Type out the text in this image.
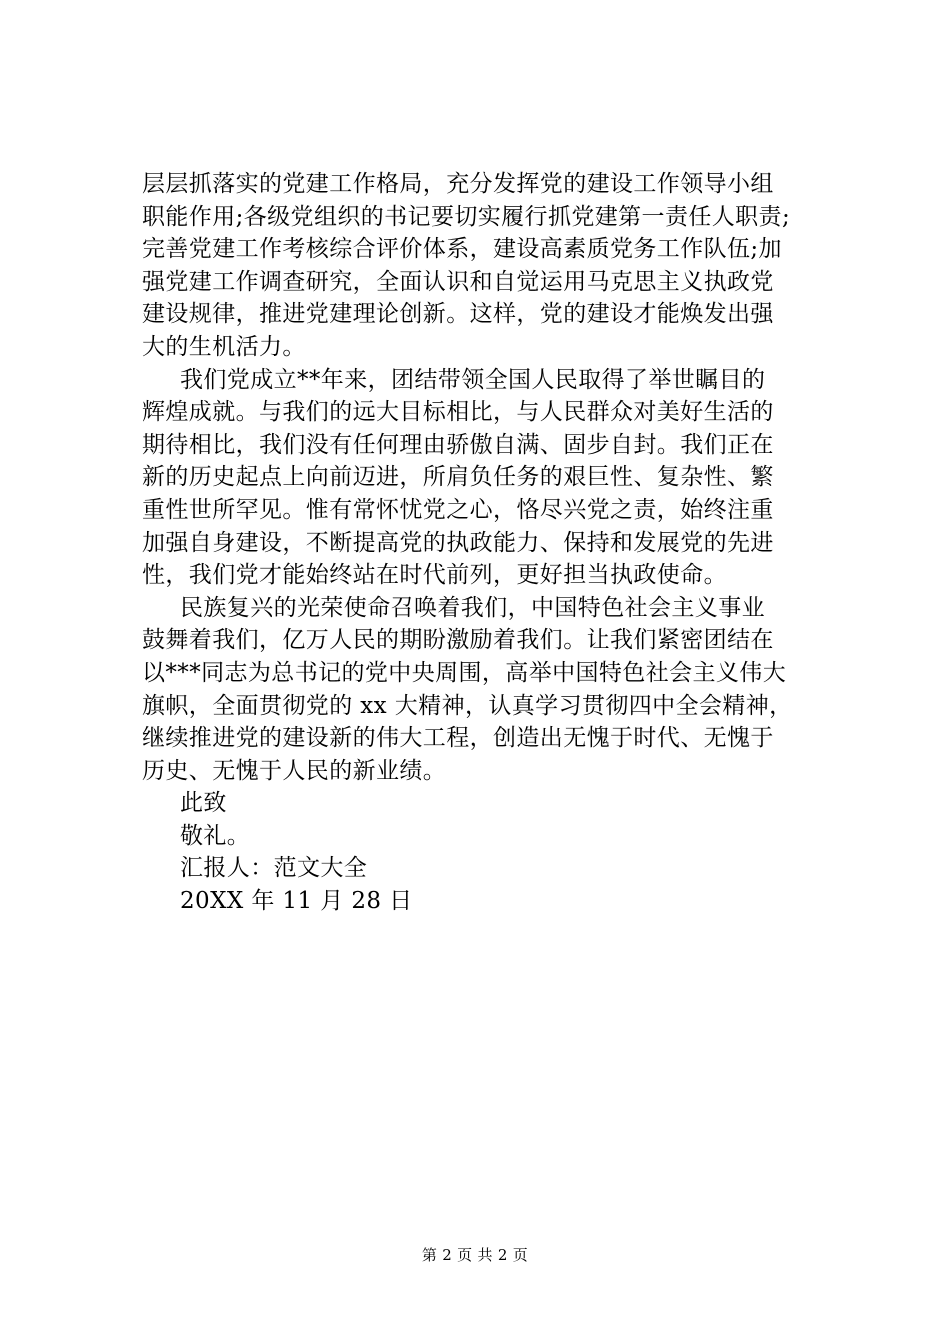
层层抓落实的党建工作格局，充分发挥党的建设工作领导小组
职能作用;各级党组织的书记要切实履行抓党建第一责任人职责;
完善党建工作考核综合评价体系，建设高素质党务工作队伍;加
强党建工作调查研究，全面认识和自觉运用马克思主义执政党
建设规律，推进党建理论创新。这样，党的建设才能焕发出强
大的生机活力。
我们党成立**年来，团结带领全国人民取得了举世瞩目的
辉煌成就。与我们的远大目标相比，与人民群众对美好生活的
期待相比，我们没有任何理由骄傲自满、固步自封。我们正在
新的历史起点上向前迈进，所肩负任务的艰巨性、复杂性、繁
重性世所罕见。惟有常怀忧党之心，恪尽兴党之责，始终注重
加强自身建设，不断提高党的执政能力、保持和发展党的先进
性，我们党才能始终站在时代前列，更好担当执政使命。
民族复兴的光荣使命召唤着我们，中国特色社会主义事业
鼓舞着我们，亿万人民的期盼激励着我们。让我们紧密团结在
以***同志为总书记的党中央周围，高举中国特色社会主义伟大
旗帜，全面贯彻党的 xx 大精神，认真学习贯彻四中全会精神，
继续推进党的建设新的伟大工程，创造出无愧于时代、无愧于
历史、无愧于人民的新业绩。
此致
敬礼。
汇报人：范文大全
20XX 年 11 月 28 日
第 2 页 共 2 页
